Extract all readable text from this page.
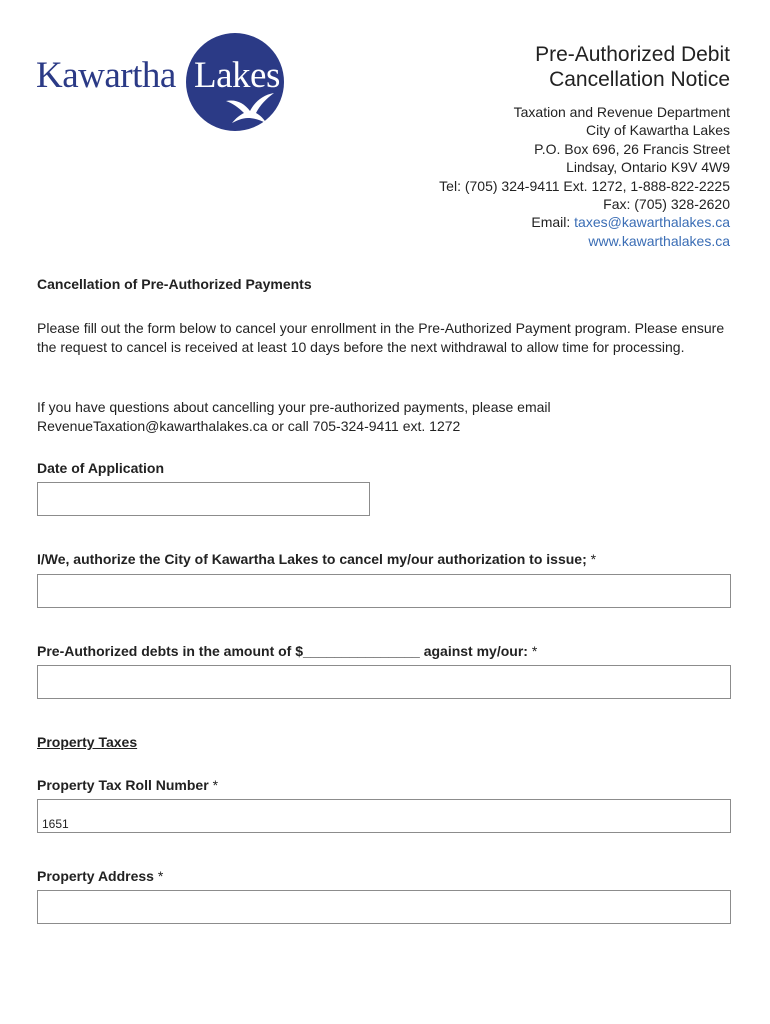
Kawartha Lakes
Pre-Authorized Debit
Cancellation Notice
Taxation and Revenue Department
City of Kawartha Lakes
P.O. Box 696, 26 Francis Street
Lindsay, Ontario K9V 4W9
Tel: (705) 324-9411 Ext. 1272, 1-888-822-2225
Fax: (705) 328-2620
Email: taxes@kawarthalakes.ca
www.kawarthalakes.ca
Cancellation of Pre-Authorized Payments

Please fill out the form below to cancel your enrollment in the Pre-Authorized Payment program. Please ensure the request to cancel is received at least 10 days before the next withdrawal to allow time for processing.

If you have questions about cancelling your pre-authorized payments, please email RevenueTaxation@kawarthalakes.ca or call 705-324-9411 ext. 1272

Date of Application
I/We, authorize the City of Kawartha Lakes to cancel my/our authorization to issue; *
Pre-Authorized debts in the amount of $_______________ against my/our: *
Property Taxes
Property Tax Roll Number *
1651
Property Address *
